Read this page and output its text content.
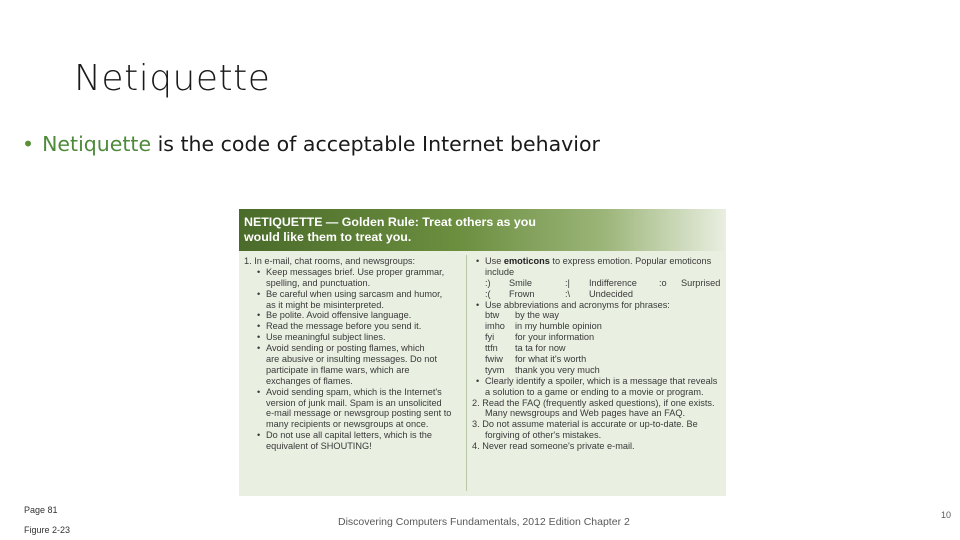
Netiquette
• Netiquette is the code of acceptable Internet behavior
NETIQUETTE — Golden Rule: Treat others as you
would like them to treat you.
1. In e-mail, chat rooms, and newsgroups:
• Keep messages brief. Use proper grammar,
spelling, and punctuation.
• Be careful when using sarcasm and humor,
as it might be misinterpreted.
• Be polite. Avoid offensive language.
• Read the message before you send it.
• Use meaningful subject lines.
• Avoid sending or posting flames, which
are abusive or insulting messages. Do not
participate in flame wars, which are
exchanges of flames.
• Avoid sending spam, which is the Internet's
version of junk mail. Spam is an unsolicited
e-mail message or newsgroup posting sent to
many recipients or newsgroups at once.
• Do not use all capital letters, which is the
equivalent of SHOUTING!
• Use emoticons to express emotion. Popular emoticons
include
:) Smile	:| Indifference :o Surprised
:( Frown	:\ Undecided
• Use abbreviations and acronyms for phrases:
btw by the way
imho in my humble opinion
fyi for your information
ttfn ta ta for now
fwiw for what it's worth
tyvm thank you very much
• Clearly identify a spoiler, which is a message that reveals
a solution to a game or ending to a movie or program.
2. Read the FAQ (frequently asked questions), if one exists.
Many newsgroups and Web pages have an FAQ.
3. Do not assume material is accurate or up-to-date. Be
forgiving of other's mistakes.
4. Never read someone's private e-mail.
Page 81
Figure 2-23
Discovering Computers Fundamentals, 2012 Edition Chapter 2
10
